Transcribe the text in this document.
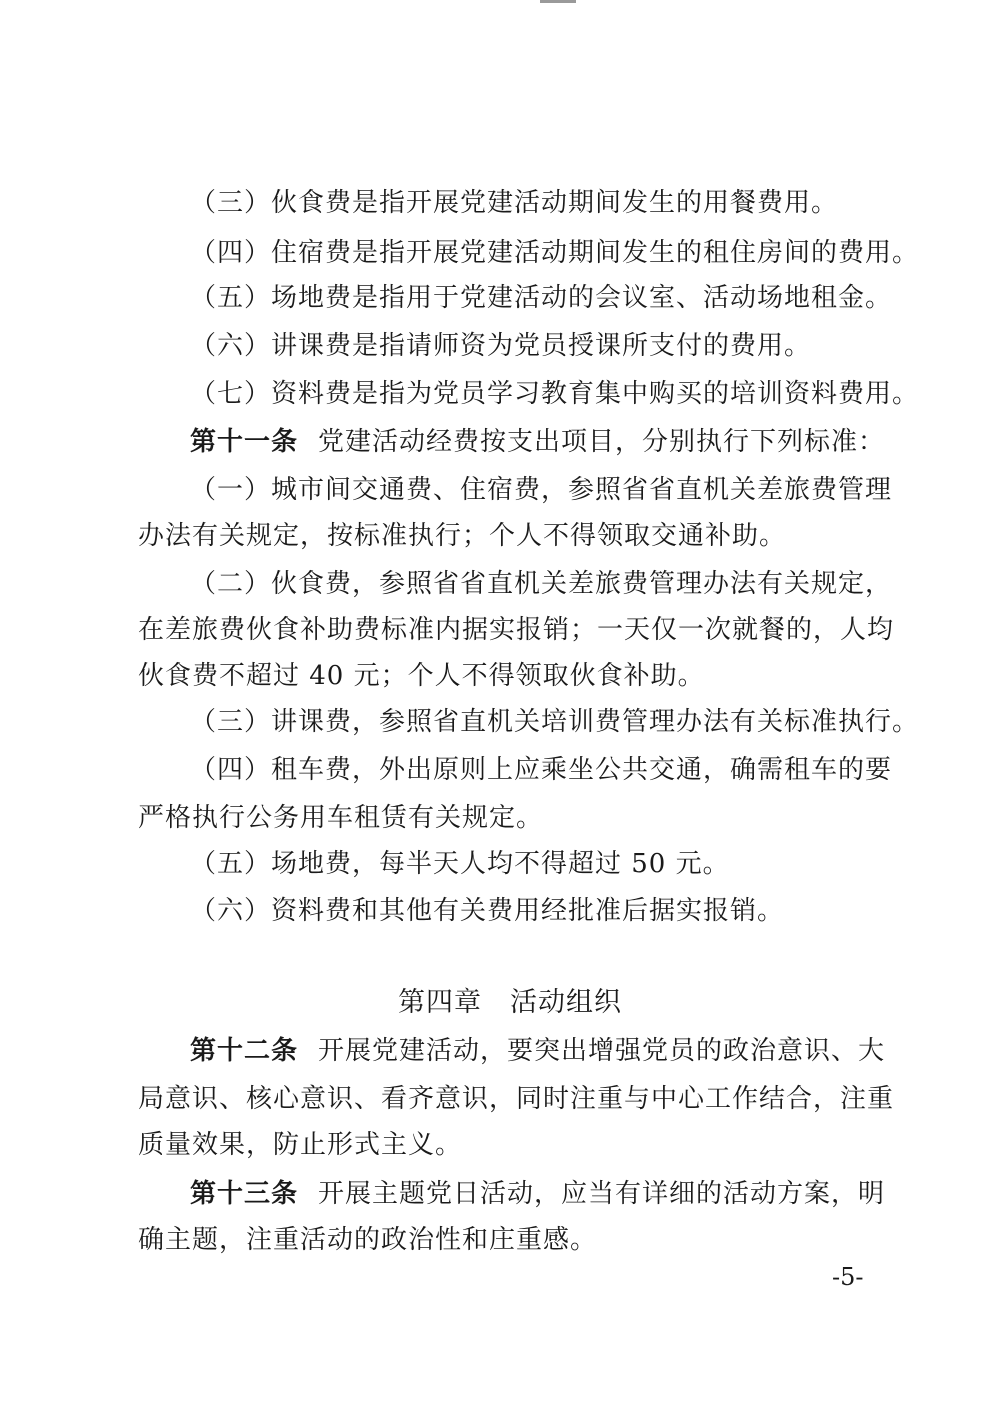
（三）伙食费是指开展党建活动期间发生的用餐费用。
（四）住宿费是指开展党建活动期间发生的租住房间的费用。
（五）场地费是指用于党建活动的会议室、活动场地租金。
（六）讲课费是指请师资为党员授课所支付的费用。
（七）资料费是指为党员学习教育集中购买的培训资料费用。
第十一条 党建活动经费按支出项目，分别执行下列标准：
（一）城市间交通费、住宿费，参照省省直机关差旅费管理
办法有关规定，按标准执行；个人不得领取交通补助。
（二）伙食费，参照省省直机关差旅费管理办法有关规定，
在差旅费伙食补助费标准内据实报销；一天仅一次就餐的，人均
伙食费不超过 40 元；个人不得领取伙食补助。
（三）讲课费，参照省直机关培训费管理办法有关标准执行。
（四）租车费，外出原则上应乘坐公共交通，确需租车的要
严格执行公务用车租赁有关规定。
（五）场地费，每半天人均不得超过 50 元。
（六）资料费和其他有关费用经批准后据实报销。
第四章　活动组织
第十二条 开展党建活动，要突出增强党员的政治意识、大
局意识、核心意识、看齐意识，同时注重与中心工作结合，注重
质量效果，防止形式主义。
第十三条 开展主题党日活动，应当有详细的活动方案，明
确主题，注重活动的政治性和庄重感。
-5-
